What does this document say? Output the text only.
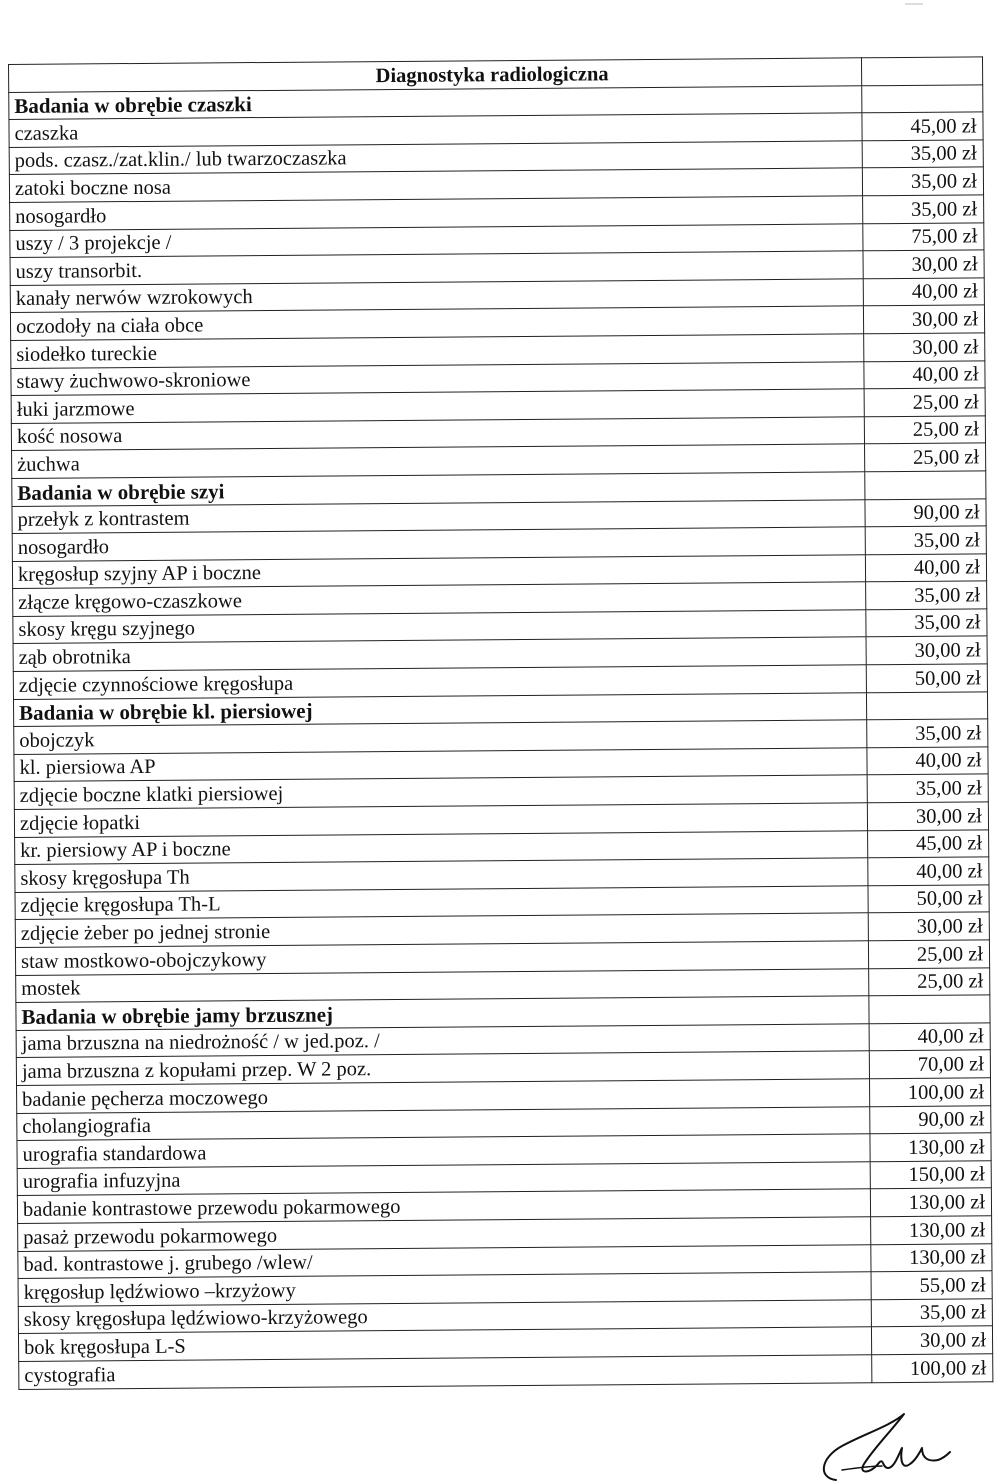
Diagnostyka radiologiczna	
Badania w obrębie czaszki	
czaszka	45,00 zł
pods. czasz./zat.klin./ lub twarzoczaszka	35,00 zł
zatoki boczne nosa	35,00 zł
nosogardło	35,00 zł
uszy / 3 projekcje /	75,00 zł
uszy transorbit.	30,00 zł
kanały nerwów wzrokowych	40,00 zł
oczodoły na ciała obce	30,00 zł
siodełko tureckie	30,00 zł
stawy żuchwowo-skroniowe	40,00 zł
łuki jarzmowe	25,00 zł
kość nosowa	25,00 zł
żuchwa	25,00 zł
Badania w obrębie szyi	
przełyk z kontrastem	90,00 zł
nosogardło	35,00 zł
kręgosłup szyjny AP i boczne	40,00 zł
złącze kręgowo-czaszkowe	35,00 zł
skosy kręgu szyjnego	35,00 zł
ząb obrotnika	30,00 zł
zdjęcie czynnościowe kręgosłupa	50,00 zł
Badania w obrębie kl. piersiowej	
obojczyk	35,00 zł
kl. piersiowa AP	40,00 zł
zdjęcie boczne klatki piersiowej	35,00 zł
zdjęcie łopatki	30,00 zł
kr. piersiowy AP i boczne	45,00 zł
skosy kręgosłupa Th	40,00 zł
zdjęcie kręgosłupa Th-L	50,00 zł
zdjęcie żeber po jednej stronie	30,00 zł
staw mostkowo-obojczykowy	25,00 zł
mostek	25,00 zł
Badania w obrębie jamy brzusznej	
jama brzuszna na niedrożność / w jed.poz. /	40,00 zł
jama brzuszna z kopułami przep. W 2 poz.	70,00 zł
badanie pęcherza moczowego	100,00 zł
cholangiografia	90,00 zł
urografia standardowa	130,00 zł
urografia infuzyjna	150,00 zł
badanie kontrastowe przewodu pokarmowego	130,00 zł
pasaż przewodu pokarmowego	130,00 zł
bad. kontrastowe j. grubego /wlew/	130,00 zł
kręgosłup lędźwiowo –krzyżowy	55,00 zł
skosy kręgosłupa lędźwiowo-krzyżowego	35,00 zł
bok kręgosłupa L-S	30,00 zł
cystografia	100,00 zł
